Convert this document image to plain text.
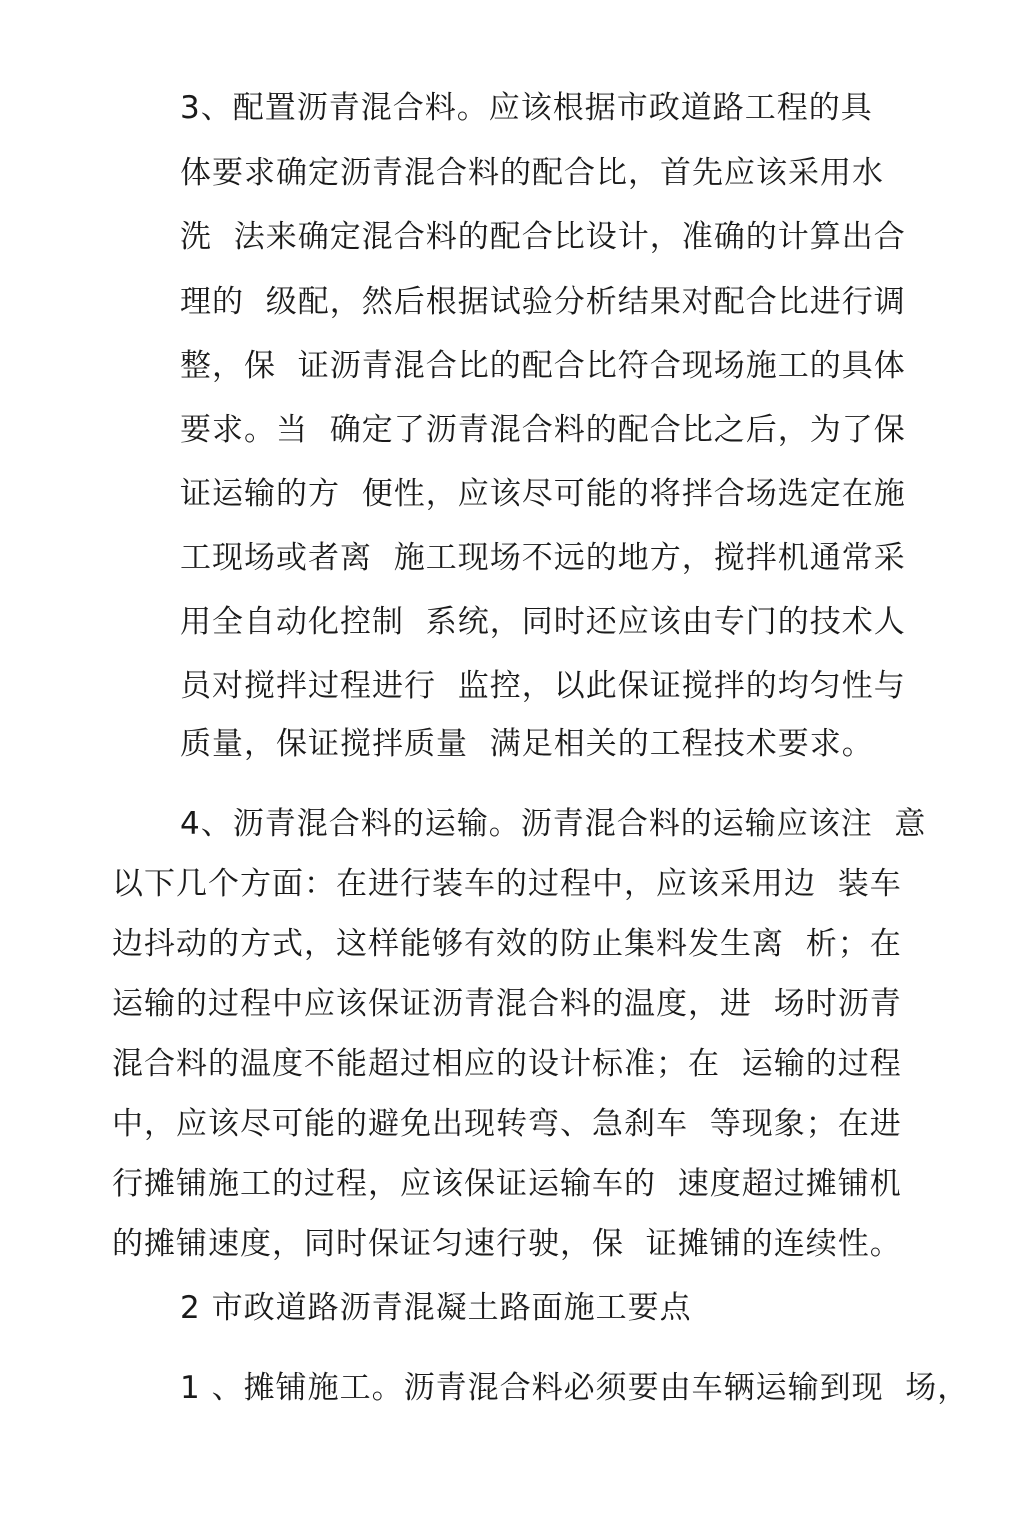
3、配置沥青混合料。应该根据市政道路工程的具
体要求确定沥青混合料的配合比，首先应该采用水
洗  法来确定混合料的配合比设计，准确的计算出合
理的  级配，然后根据试验分析结果对配合比进行调
整，保  证沥青混合比的配合比符合现场施工的具体
要求。当  确定了沥青混合料的配合比之后，为了保
证运输的方  便性，应该尽可能的将拌合场选定在施
工现场或者离  施工现场不远的地方，搅拌机通常采
用全自动化控制  系统，同时还应该由专门的技术人
员对搅拌过程进行  监控，以此保证搅拌的均匀性与
质量，保证搅拌质量  满足相关的工程技术要求。
4、沥青混合料的运输。沥青混合料的运输应该注  意
以下几个方面：在进行装车的过程中，应该采用边  装车
边抖动的方式，这样能够有效的防止集料发生离  析；在
运输的过程中应该保证沥青混合料的温度，进  场时沥青
混合料的温度不能超过相应的设计标准；在  运输的过程
中，应该尽可能的避免出现转弯、急刹车  等现象；在进
行摊铺施工的过程，应该保证运输车的  速度超过摊铺机
的摊铺速度，同时保证匀速行驶，保  证摊铺的连续性。
2 市政道路沥青混凝土路面施工要点
1 、摊铺施工。沥青混合料必须要由车辆运输到现  场，
